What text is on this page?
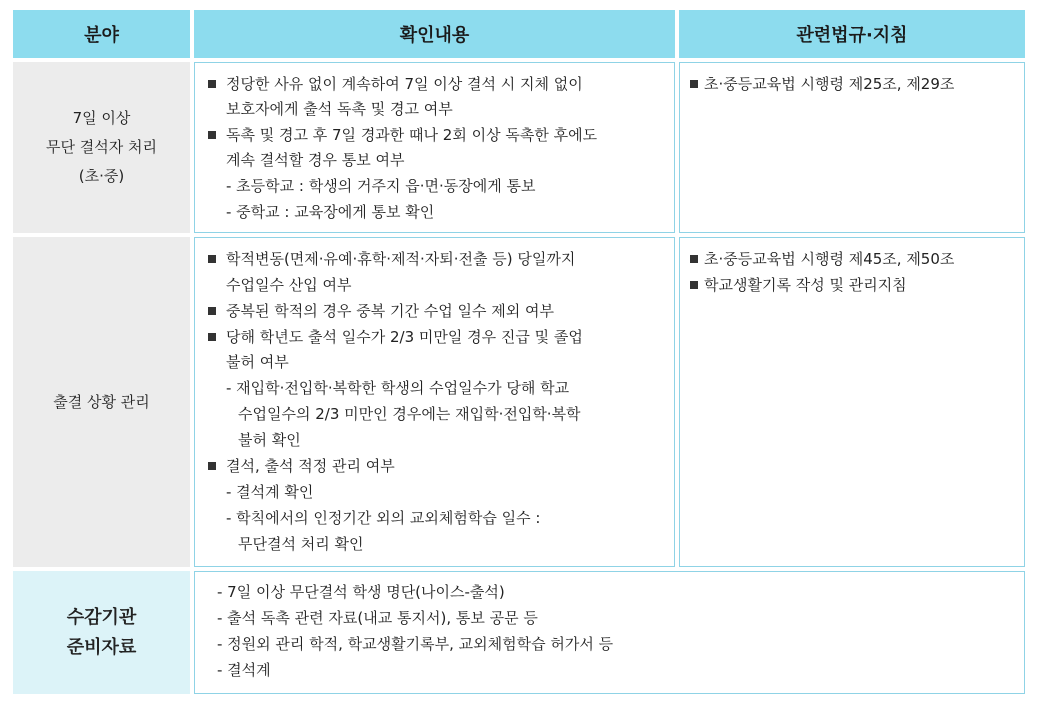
분야	확인내용	관련법규·지침
7일 이상
무단 결석자 처리
(초·중)
정당한 사유 없이 계속하여 7일 이상 결석 시 지체 없이
보호자에게 출석 독촉 및 경고 여부
독촉 및 경고 후 7일 경과한 때나 2회 이상 독촉한 후에도
계속 결석할 경우 통보 여부
- 초등학교 : 학생의 거주지 읍·면·동장에게 통보
- 중학교 : 교육장에게 통보 확인
초·중등교육법 시행령 제25조, 제29조
출결 상황 관리
학적변동(면제·유예·휴학·제적·자퇴·전출 등) 당일까지
수업일수 산입 여부
중복된 학적의 경우 중복 기간 수업 일수 제외 여부
당해 학년도 출석 일수가 2/3 미만일 경우 진급 및 졸업
불허 여부
- 재입학·전입학·복학한 학생의 수업일수가 당해 학교
수업일수의 2/3 미만인 경우에는 재입학·전입학·복학
불허 확인
결석, 출석 적정 관리 여부
- 결석계 확인
- 학칙에서의 인정기간 외의 교외체험학습 일수 :
무단결석 처리 확인
초·중등교육법 시행령 제45조, 제50조
학교생활기록 작성 및 관리지침
수감기관
준비자료
- 7일 이상 무단결석 학생 명단(나이스-출석)
- 출석 독촉 관련 자료(내교 통지서), 통보 공문 등
- 정원외 관리 학적, 학교생활기록부, 교외체험학습 허가서 등
- 결석계
